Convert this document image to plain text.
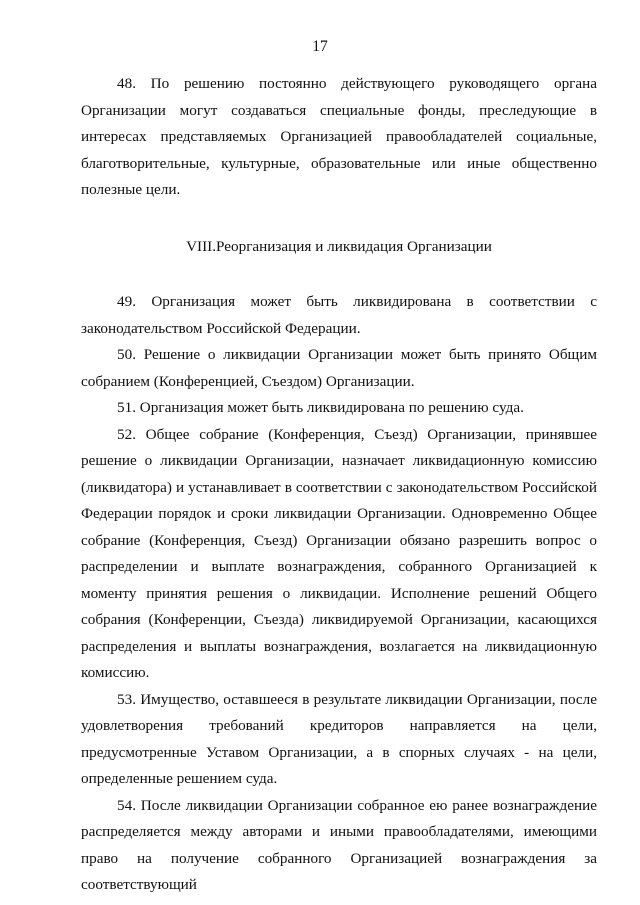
17

48. По решению постоянно действующего руководящего органа Организации могут создаваться специальные фонды, преследующие в интересах представляемых Организацией правообладателей социальные, благотворительные, культурные, образовательные или иные общественно полезные цели.

VIII.Реорганизация и ликвидация Организации

49. Организация может быть ликвидирована в соответствии с законодательством Российской Федерации.

50. Решение о ликвидации Организации может быть принято Общим собранием (Конференцией, Съездом) Организации.

51. Организация может быть ликвидирована по решению суда.

52. Общее собрание (Конференция, Съезд) Организации, принявшее решение о ликвидации Организации, назначает ликвидационную комиссию (ликвидатора) и устанавливает в соответствии с законодательством Российской Федерации порядок и сроки ликвидации Организации. Одновременно Общее собрание (Конференция, Съезд) Организации обязано разрешить вопрос о распределении и выплате вознаграждения, собранного Организацией к моменту принятия решения о ликвидации. Исполнение решений Общего собрания (Конференции, Съезда) ликвидируемой Организации, касающихся распределения и выплаты вознаграждения, возлагается на ликвидационную комиссию.

53. Имущество, оставшееся в результате ликвидации Организации, после удовлетворения требований кредиторов направляется на цели, предусмотренные Уставом Организации, а в спорных случаях - на цели, определенные решением суда.

54. После ликвидации Организации собранное ею ранее вознаграждение распределяется между авторами и иными правообладателями, имеющими право на получение собранного Организацией вознаграждения за соответствующий
